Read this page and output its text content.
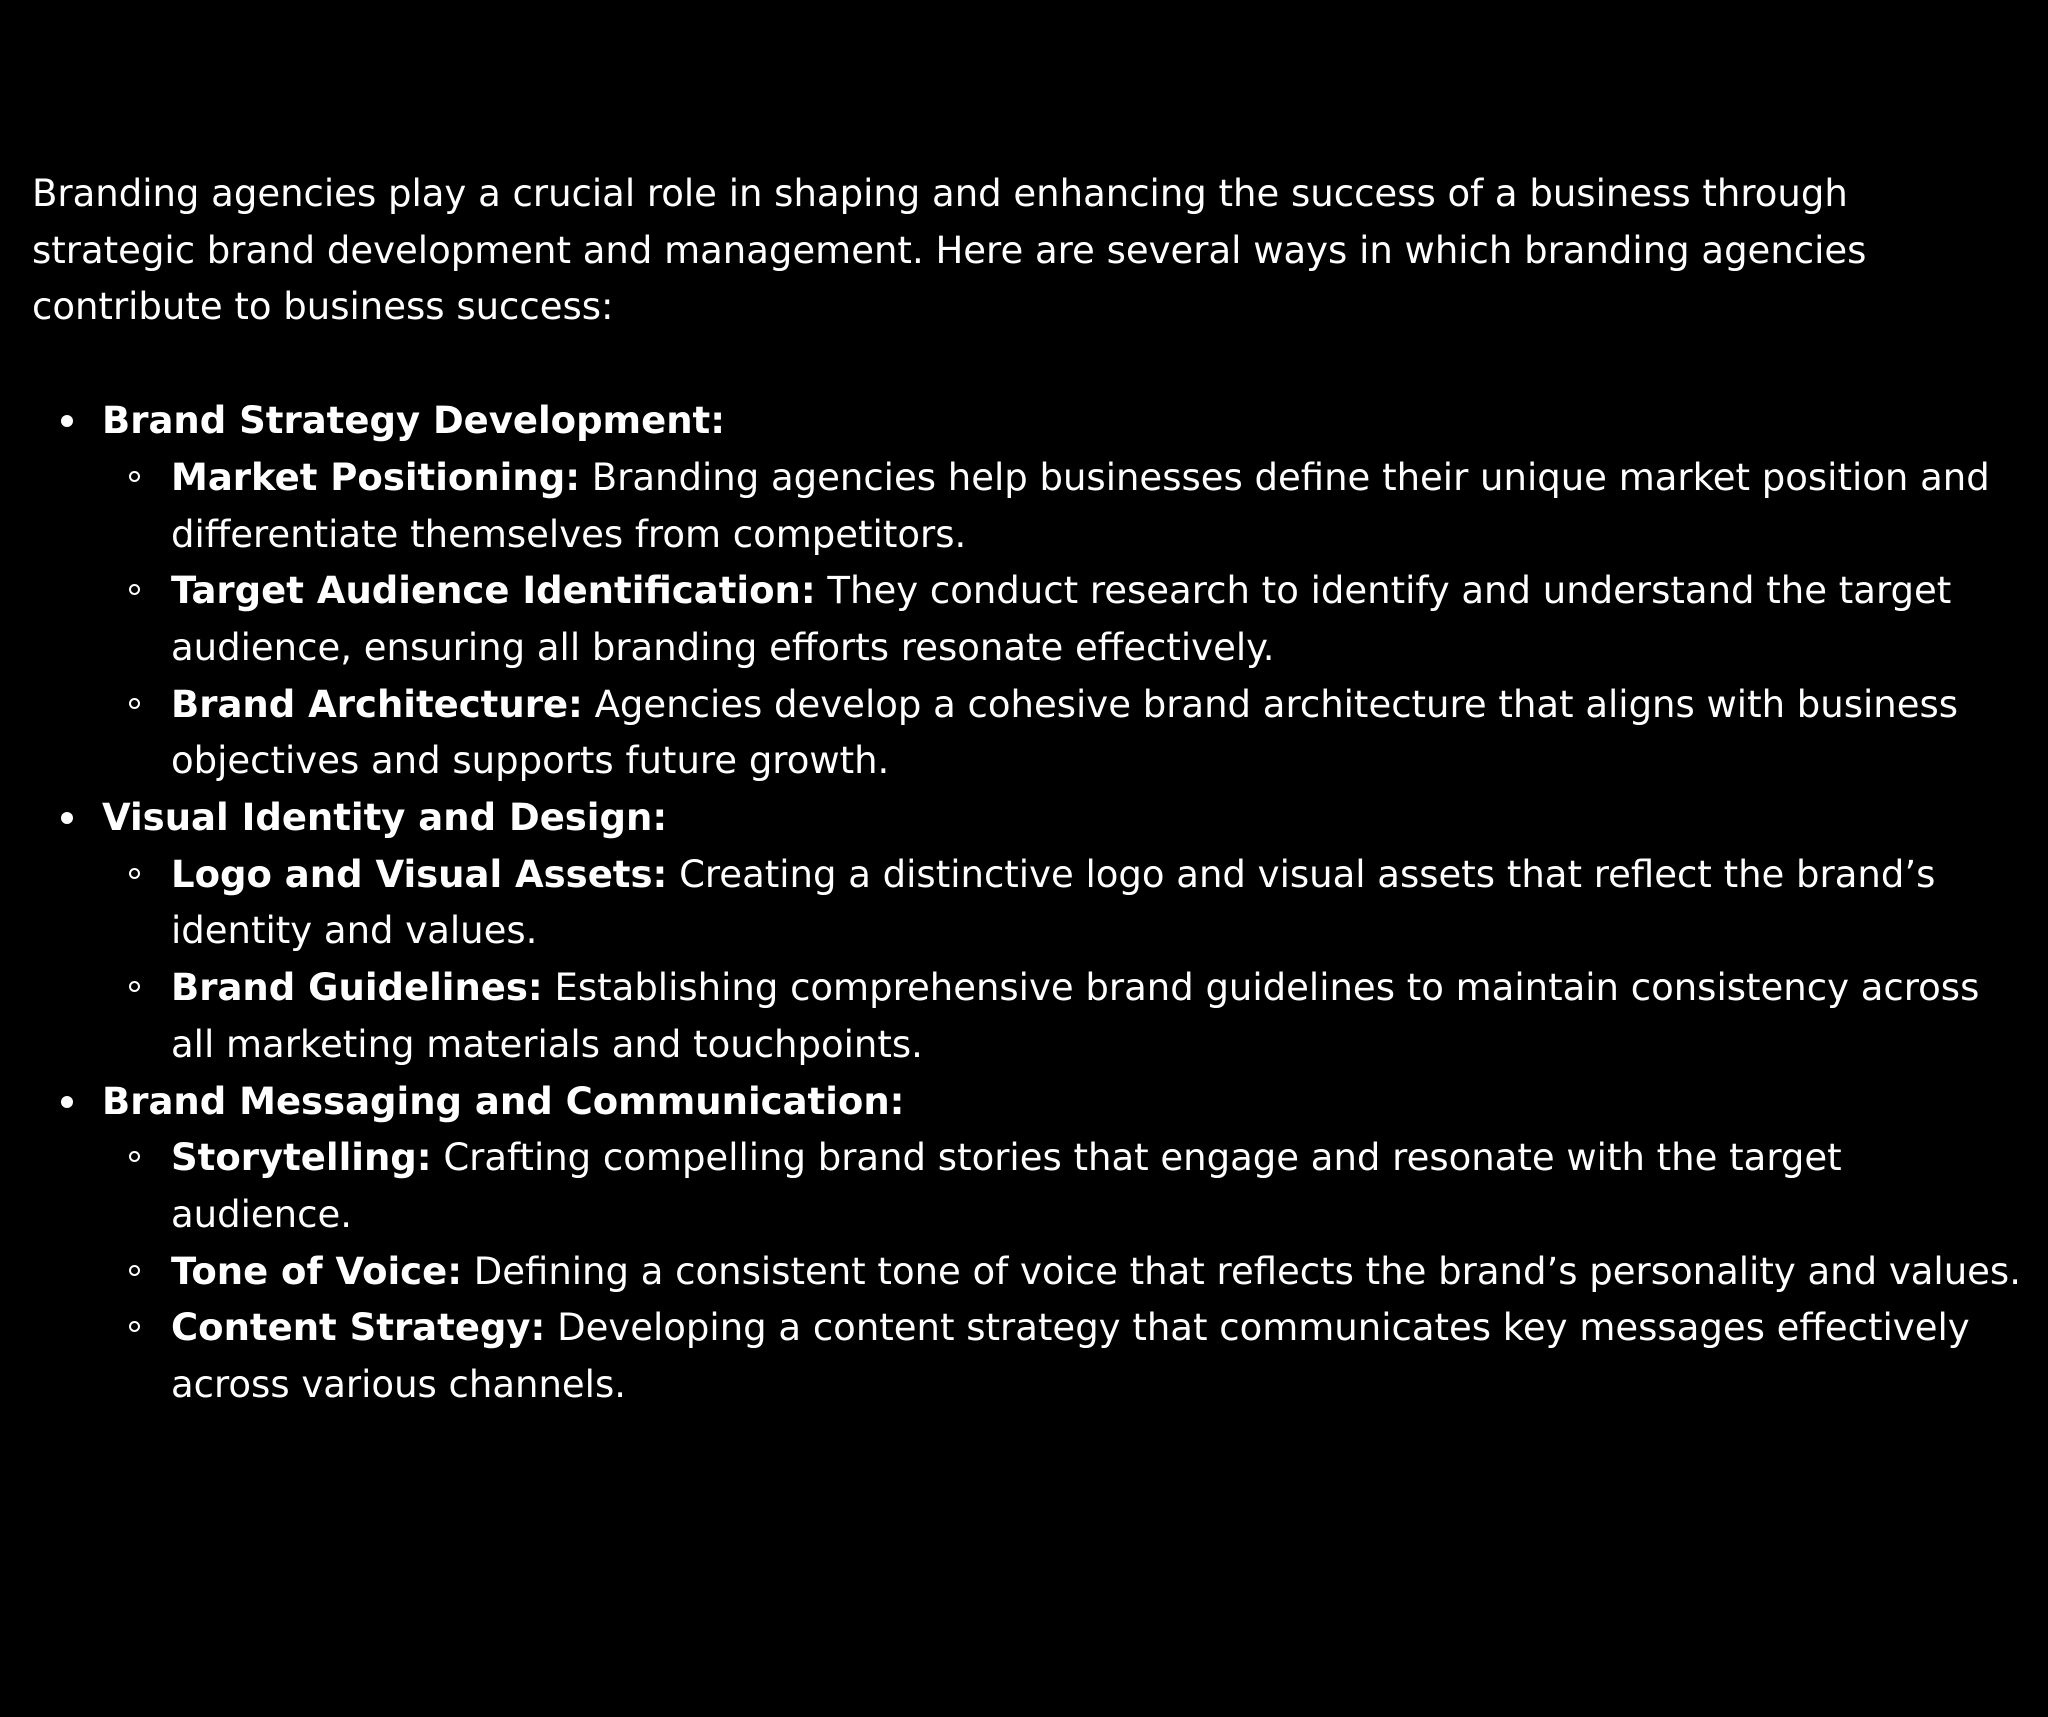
Branding agencies play a crucial role in shaping and enhancing the success of a business through strategic brand development and management. Here are several ways in which branding agencies contribute to business success:

Brand Strategy Development:
Market Positioning: Branding agencies help businesses define their unique market position and differentiate themselves from competitors.
Target Audience Identification: They conduct research to identify and understand the target audience, ensuring all branding efforts resonate effectively.
Brand Architecture: Agencies develop a cohesive brand architecture that aligns with business objectives and supports future growth.
Visual Identity and Design:
Logo and Visual Assets: Creating a distinctive logo and visual assets that reflect the brand’s identity and values.
Brand Guidelines: Establishing comprehensive brand guidelines to maintain consistency across all marketing materials and touchpoints.
Brand Messaging and Communication:
Storytelling: Crafting compelling brand stories that engage and resonate with the target audience.
Tone of Voice: Defining a consistent tone of voice that reflects the brand’s personality and values.
Content Strategy: Developing a content strategy that communicates key messages effectively across various channels.
